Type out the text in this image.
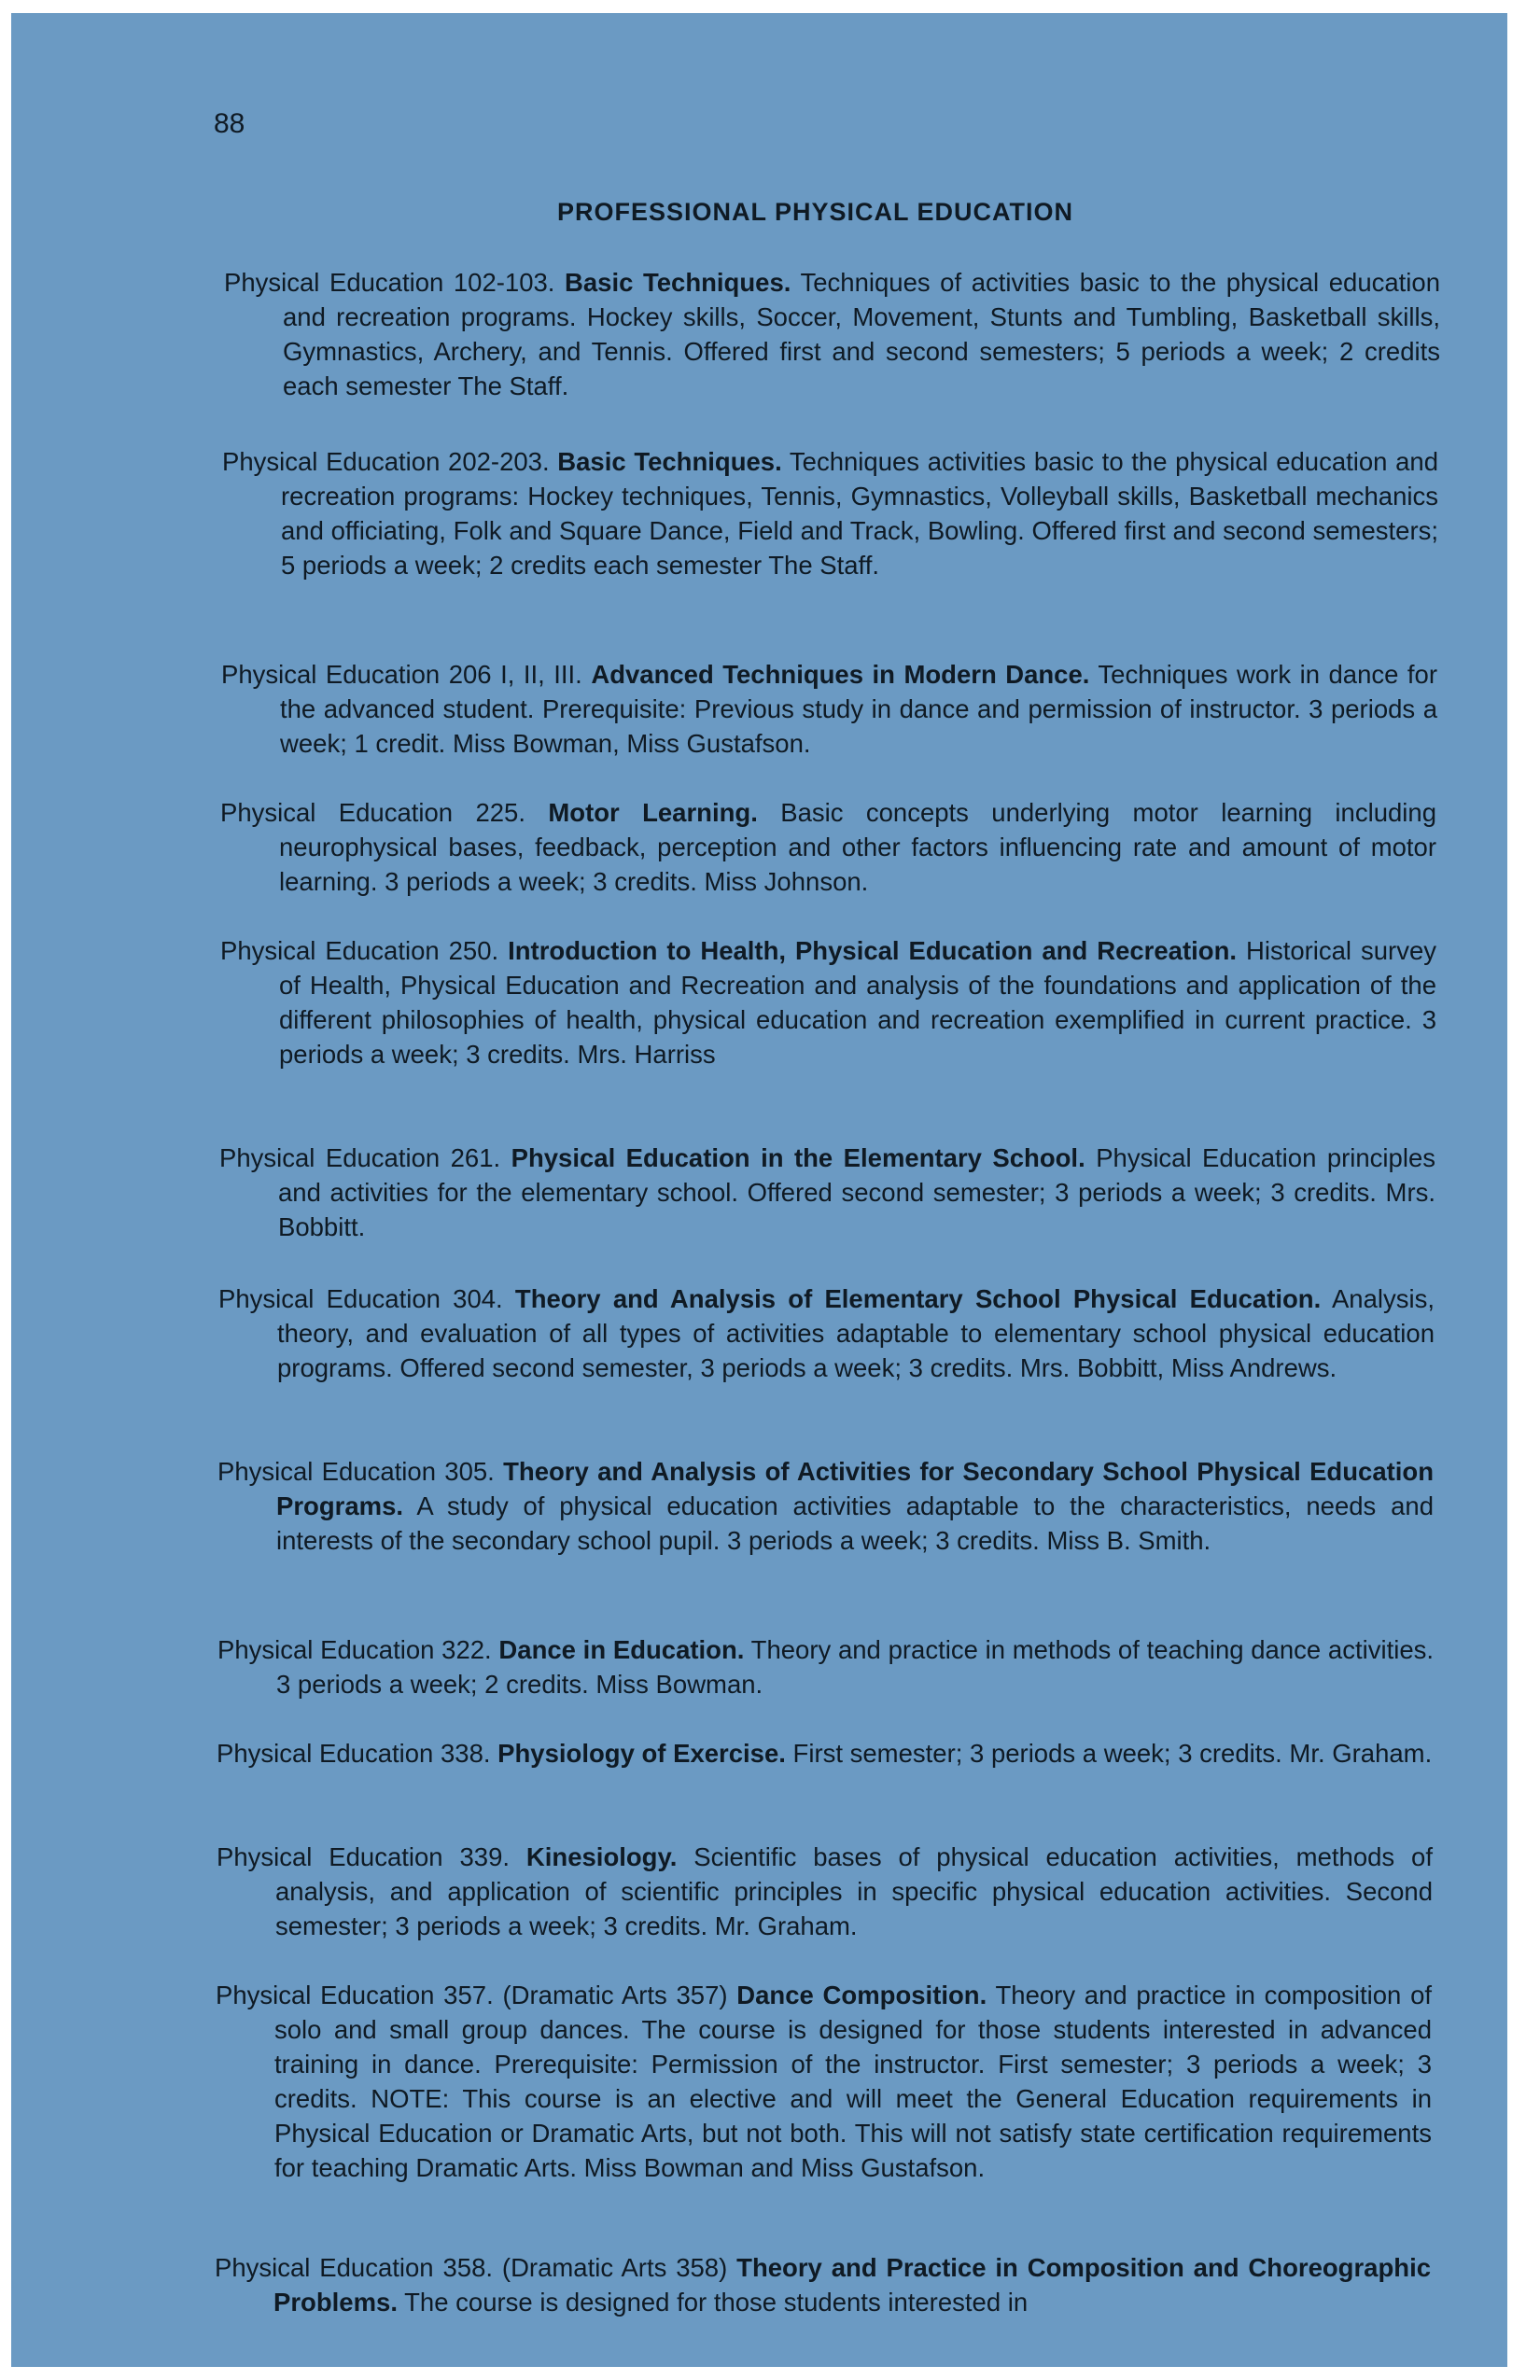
88

PROFESSIONAL PHYSICAL EDUCATION

Physical Education 102-103. Basic Techniques. Techniques of activities basic to the physical education and recreation programs. Hockey skills, Soccer, Movement, Stunts and Tumbling, Basketball skills, Gymnastics, Archery, and Tennis. Offered first and second semesters; 5 periods a week; 2 credits each semester The Staff.

Physical Education 202-203. Basic Techniques. Techniques activities basic to the physical education and recreation programs: Hockey techniques, Tennis, Gymnastics, Volleyball skills, Basketball mechanics and officiating, Folk and Square Dance, Field and Track, Bowling. Offered first and second semesters; 5 periods a week; 2 credits each semester The Staff.

Physical Education 206 I, II, III. Advanced Techniques in Modern Dance. Techniques work in dance for the advanced student. Prerequisite: Previous study in dance and permission of instructor. 3 periods a week; 1 credit. Miss Bowman, Miss Gustafson.

Physical Education 225. Motor Learning. Basic concepts underlying motor learning including neurophysical bases, feedback, perception and other factors influencing rate and amount of motor learning. 3 periods a week; 3 credits. Miss Johnson.

Physical Education 250. Introduction to Health, Physical Education and Recreation. Historical survey of Health, Physical Education and Recreation and analysis of the foundations and application of the different philosophies of health, physical education and recreation exemplified in current practice. 3 periods a week; 3 credits. Mrs. Harriss

Physical Education 261. Physical Education in the Elementary School. Physical Education principles and activities for the elementary school. Offered second semester; 3 periods a week; 3 credits. Mrs. Bobbitt.

Physical Education 304. Theory and Analysis of Elementary School Physical Education. Analysis, theory, and evaluation of all types of activities adaptable to elementary school physical education programs. Offered second semester, 3 periods a week; 3 credits. Mrs. Bobbitt, Miss Andrews.

Physical Education 305. Theory and Analysis of Activities for Secondary School Physical Education Programs. A study of physical education activities adaptable to the characteristics, needs and interests of the secondary school pupil. 3 periods a week; 3 credits. Miss B. Smith.

Physical Education 322. Dance in Education. Theory and practice in methods of teaching dance activities. 3 periods a week; 2 credits. Miss Bowman.

Physical Education 338. Physiology of Exercise. First semester; 3 periods a week; 3 credits. Mr. Graham.

Physical Education 339. Kinesiology. Scientific bases of physical education activities, methods of analysis, and application of scientific principles in specific physical education activities. Second semester; 3 periods a week; 3 credits. Mr. Graham.

Physical Education 357. (Dramatic Arts 357) Dance Composition. Theory and practice in composition of solo and small group dances. The course is designed for those students interested in advanced training in dance. Prerequisite: Permission of the instructor. First semester; 3 periods a week; 3 credits. NOTE: This course is an elective and will meet the General Education requirements in Physical Education or Dramatic Arts, but not both. This will not satisfy state certification requirements for teaching Dramatic Arts. Miss Bowman and Miss Gustafson.

Physical Education 358. (Dramatic Arts 358) Theory and Practice in Composition and Choreographic Problems. The course is designed for those students interested in
